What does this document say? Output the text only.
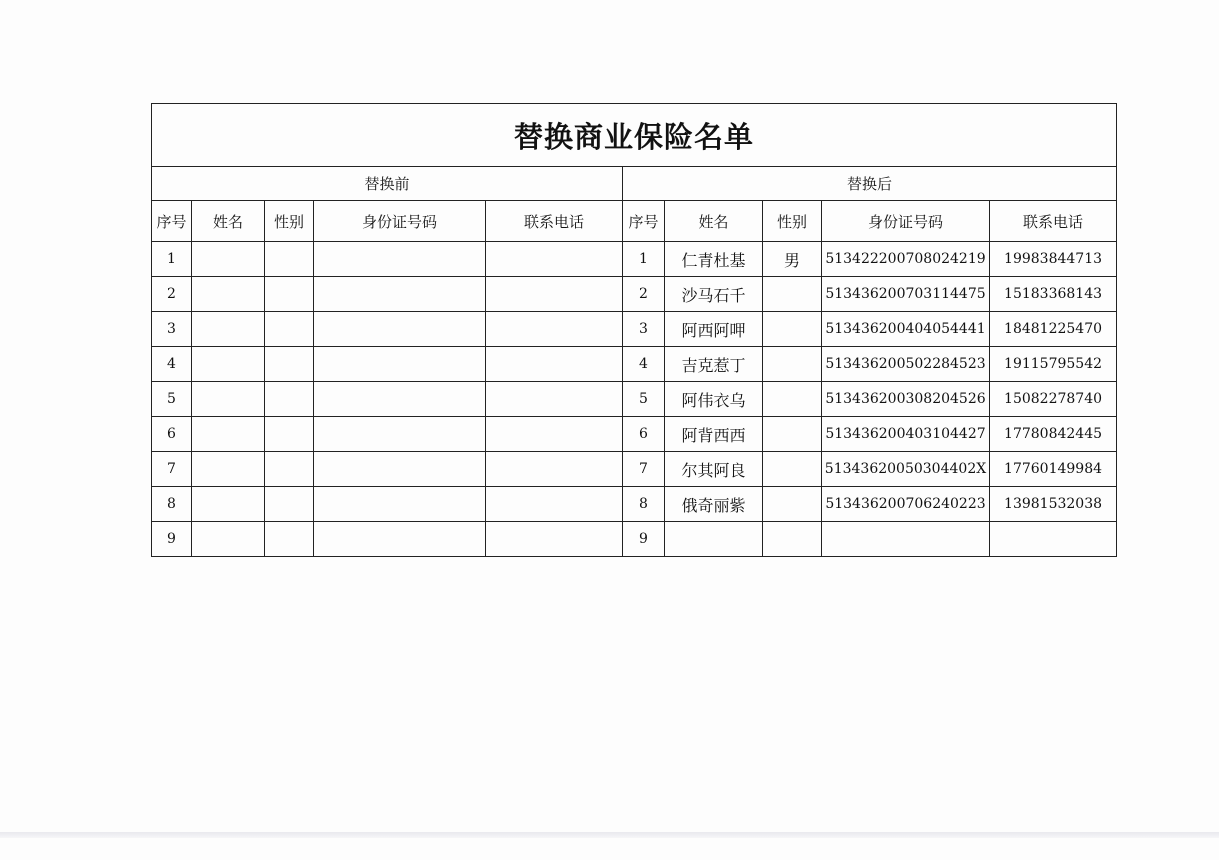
替换商业保险名单									
替换前					替换后				
序号	姓名	性别	身份证号码	联系电话	序号	姓名	性别	身份证号码	联系电话
1					1	仁青杜基	男	513422200708024219	19983844713
2					2	沙马石千		513436200703114475	15183368143
3					3	阿西阿呷		513436200404054441	18481225470
4					4	吉克惹丁		513436200502284523	19115795542
5					5	阿伟衣乌		513436200308204526	15082278740
6					6	阿背西西		513436200403104427	17780842445
7					7	尔其阿良		51343620050304402X	17760149984
8					8	俄奇丽紫		513436200706240223	13981532038
9					9				
